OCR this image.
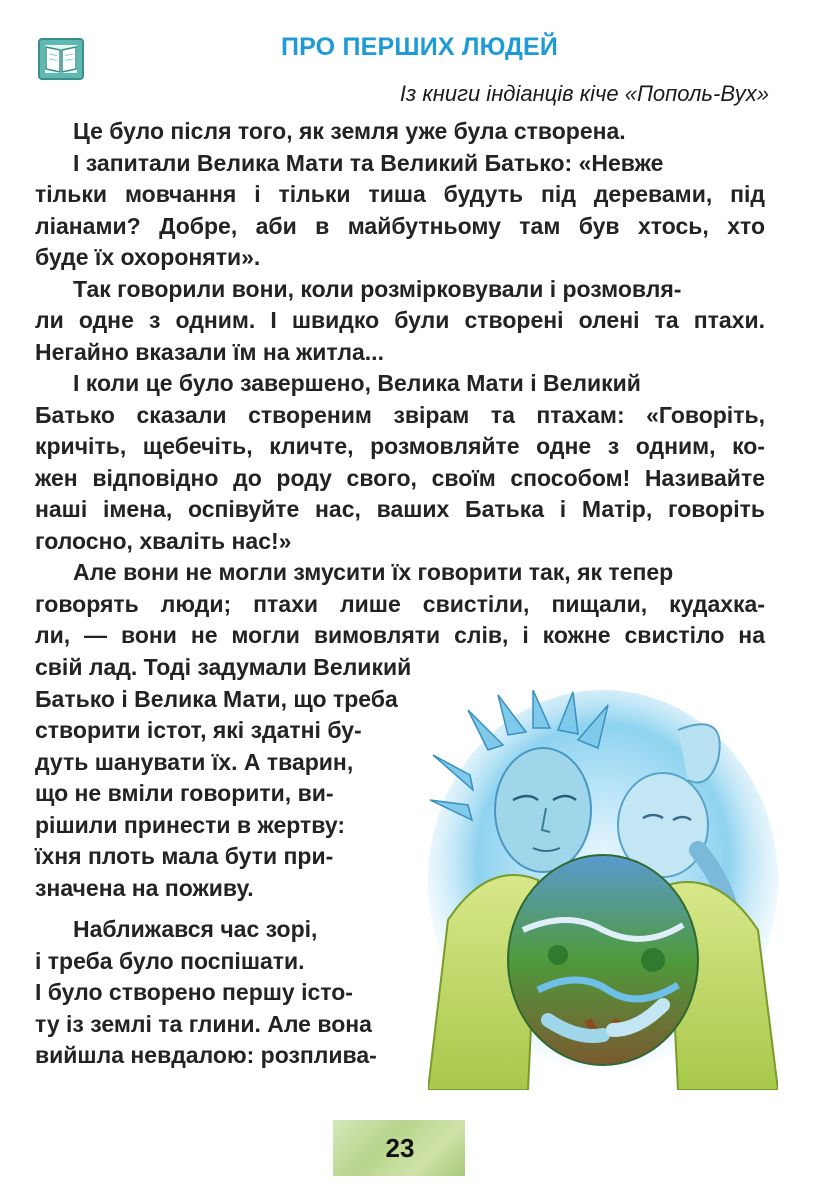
ПРО ПЕРШИХ ЛЮДЕЙ
Із книги індіанців кіче «Пополь-Вух»
Це було після того, як земля уже була створена.
І запитали Велика Мати та Великий Батько: «Невже
тільки мовчання і тільки тиша будуть під деревами, під
ліанами? Добре, аби в майбутньому там був хтось, хто
буде їх охороняти».
Так говорили вони, коли розмірковували і розмовля-
ли одне з одним. І швидко були створені олені та птахи.
Негайно вказали їм на житла...
І коли це було завершено, Велика Мати і Великий
Батько сказали створеним звірам та птахам: «Говоріть,
кричіть, щебечіть, кличте, розмовляйте одне з одним, ко-
жен відповідно до роду свого, своїм способом! Називайте
наші імена, оспівуйте нас, ваших Батька і Матір, говоріть
голосно, хваліть нас!»
Але вони не могли змусити їх говорити так, як тепер
говорять люди; птахи лише свистіли, пищали, кудахка-
ли, — вони не могли вимовляти слів, і кожне свистіло на
свій лад. Тоді задумали Великий
Батько і Велика Мати, що треба
створити істот, які здатні бу-
дуть шанувати їх. А тварин,
що не вміли говорити, ви-
рішили принести в жертву:
їхня плоть мала бути при-
значена на поживу.
Наближався час зорі,
і треба було поспішати.
І було створено першу істо-
ту із землі та глини. Але вона
вийшла невдалою: розплива-
23
